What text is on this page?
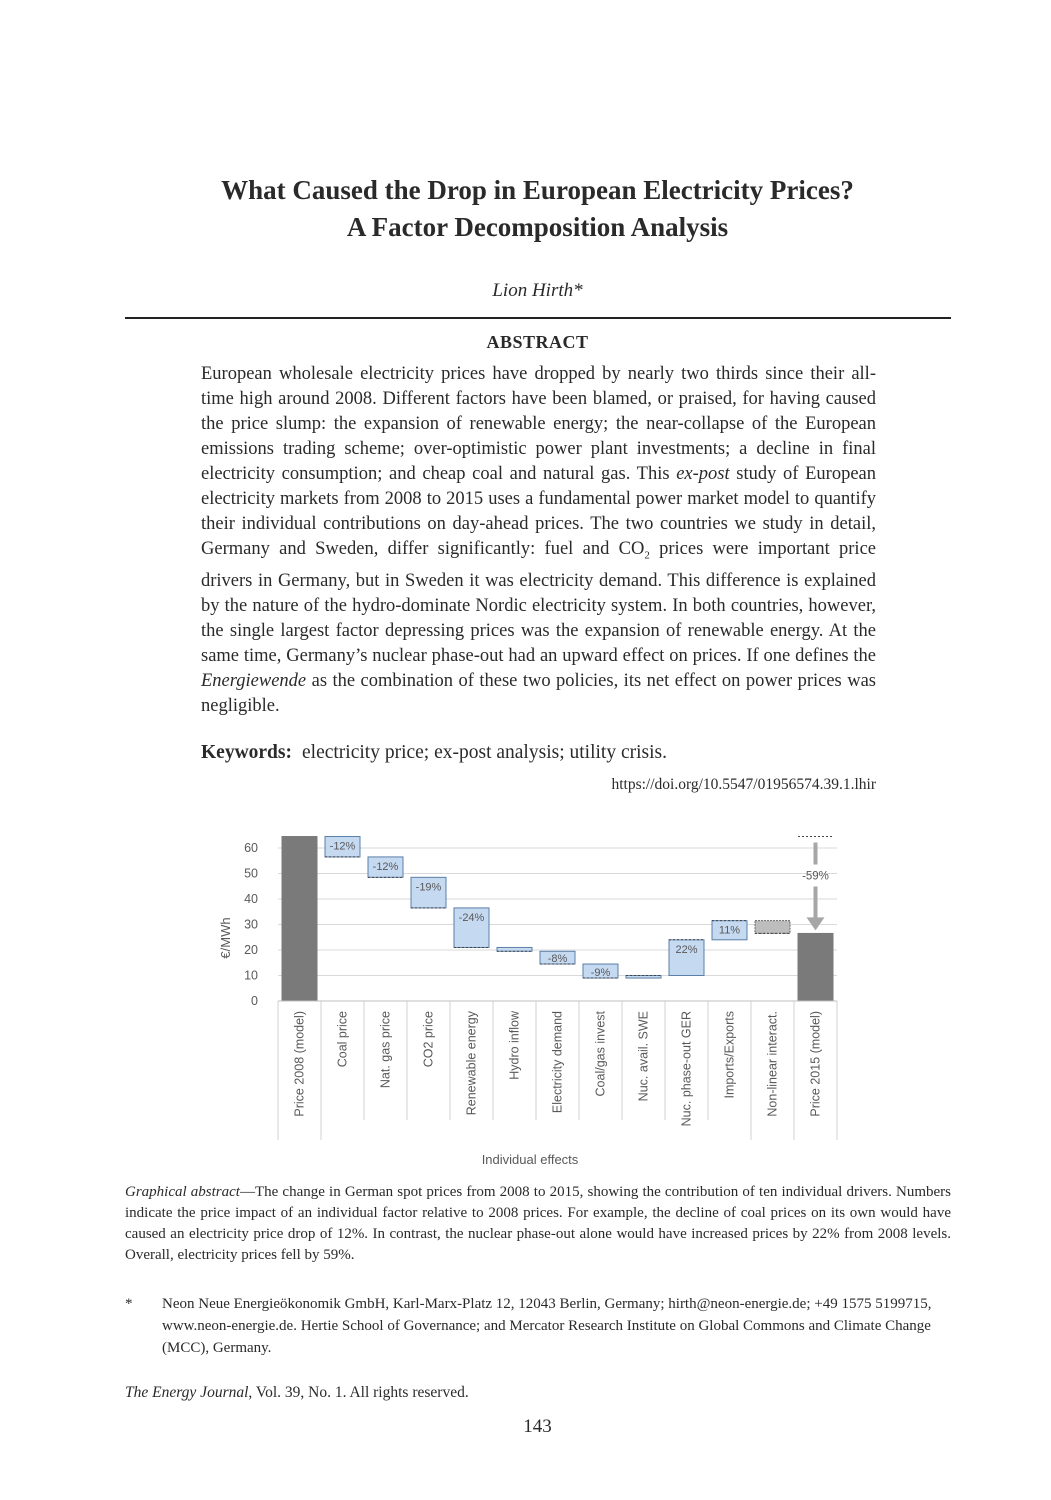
What Caused the Drop in European Electricity Prices?
A Factor Decomposition Analysis
Lion Hirth*
ABSTRACT
European wholesale electricity prices have dropped by nearly two thirds since their all-time high around 2008. Different factors have been blamed, or praised, for having caused the price slump: the expansion of renewable energy; the near-collapse of the European emissions trading scheme; over-optimistic power plant investments; a decline in final electricity consumption; and cheap coal and natural gas. This ex-post study of European electricity markets from 2008 to 2015 uses a fundamental power market model to quantify their individual contributions on day-ahead prices. The two countries we study in detail, Germany and Sweden, differ significantly: fuel and $CO_2$ prices were important price drivers in Germany, but in Sweden it was electricity demand. This difference is explained by the nature of the hydro-dominate Nordic electricity system. In both countries, however, the single largest factor depressing prices was the expansion of renewable energy. At the same time, Germany’s nuclear phase-out had an upward effect on prices. If one defines the Energiewende as the combination of these two policies, its net effect on power prices was negligible.
Keywords: electricity price; ex-post analysis; utility crisis.
https://doi.org/10.5547/01956574.39.1.lhir
0
10
20
30
40
50
60
€/MWh
-12%
-12%
-19%
-24%
-8%
-9%
22%
11%
Price 2008 (model) Coal price Nat. gas price CO2 price Renewable energy Hydro inflow Electricity demand Coal/gas invest Nuc. avail. SWE Nuc. phase-out GER Imports/Exports Non-linear interact. Price 2015 (model)
-59%
Individual effects
Graphical abstract—The change in German spot prices from 2008 to 2015, showing the contribution of ten individual drivers. Numbers indicate the price impact of an individual factor relative to 2008 prices. For example, the decline of coal prices on its own would have caused an electricity price drop of 12%. In contrast, the nuclear phase-out alone would have increased prices by 22% from 2008 levels. Overall, electricity prices fell by 59%.
* Neon Neue Energieökonomik GmbH, Karl-Marx-Platz 12, 12043 Berlin, Germany; hirth@neon-energie.de; +49 1575 5199715, www.neon-energie.de. Hertie School of Governance; and Mercator Research Institute on Global Commons and Climate Change (MCC), Germany.
The Energy Journal, Vol. 39, No. 1. All rights reserved.
143
